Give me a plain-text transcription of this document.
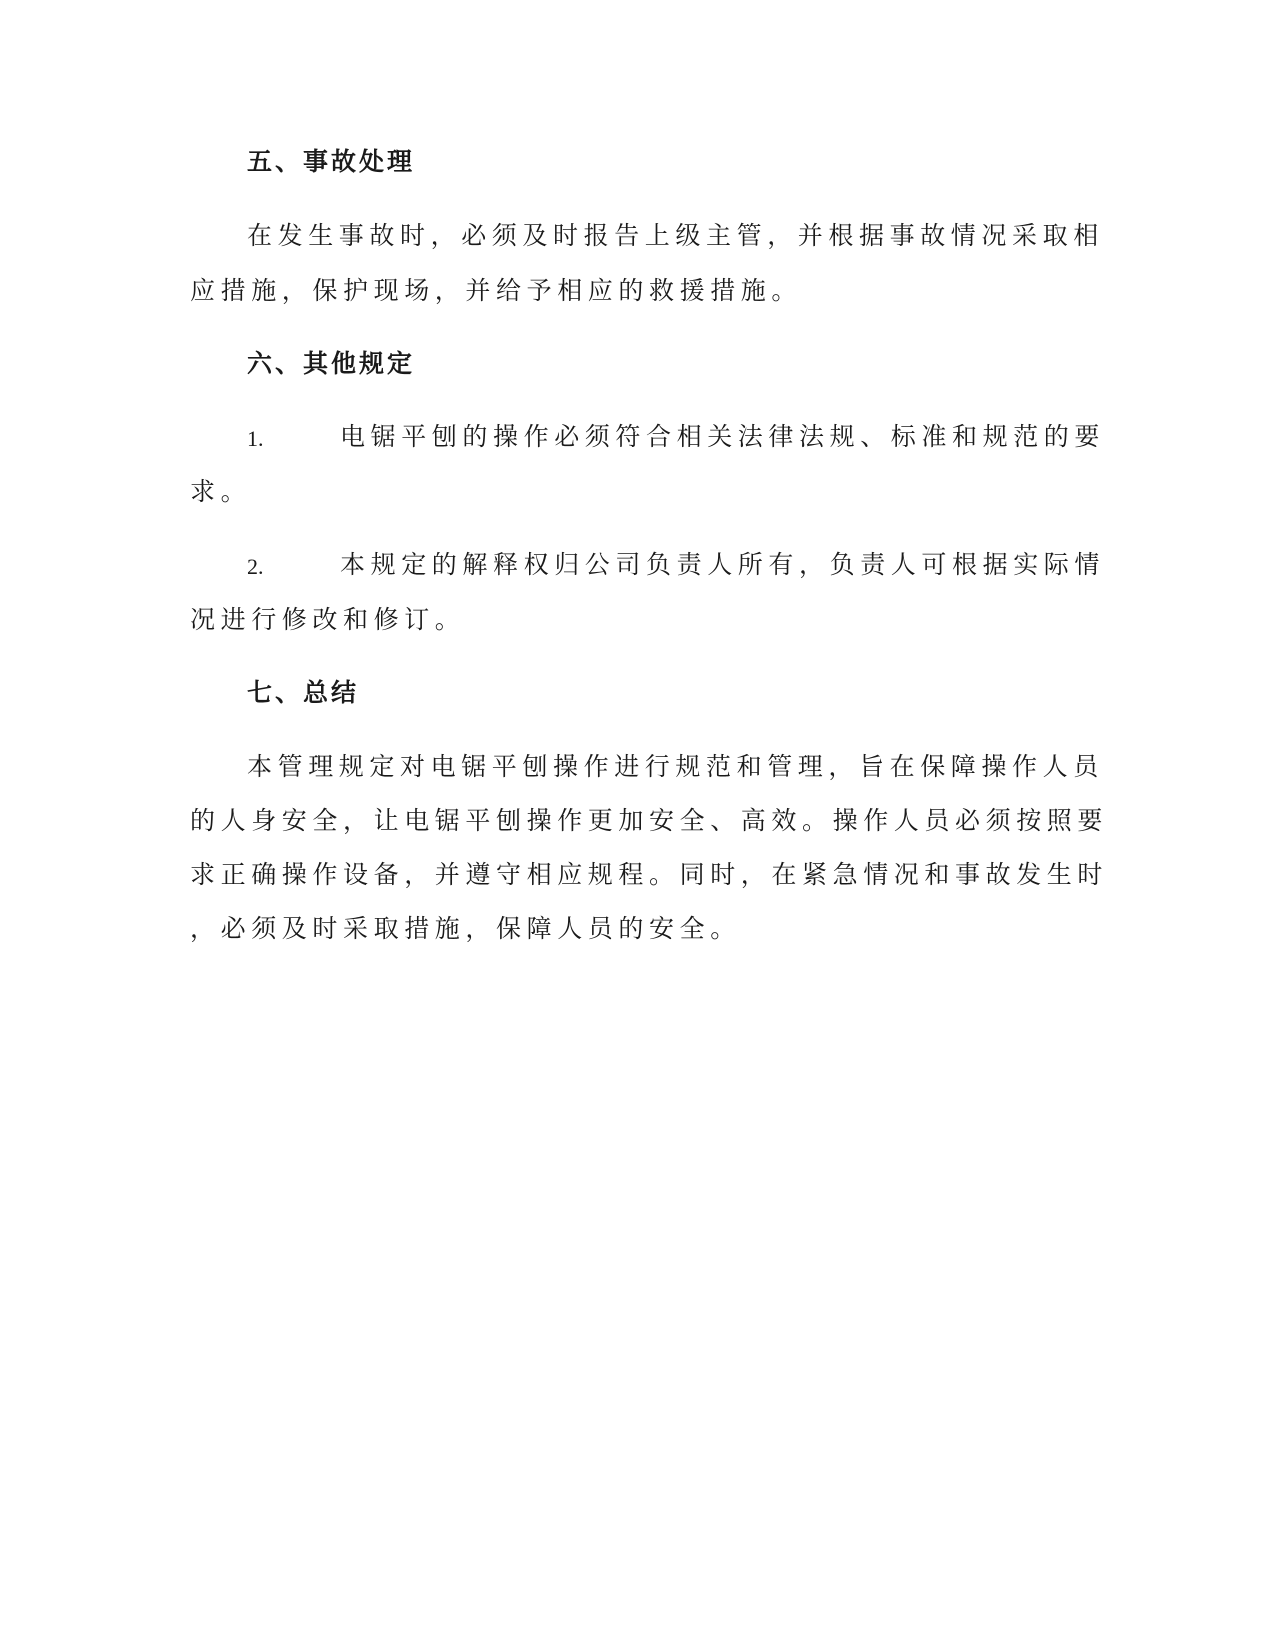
五、事故处理
在发生事故时，必须及时报告上级主管，并根据事故情况采取相
应措施，保护现场，并给予相应的救援措施。
六、其他规定
1.	电锯平刨的操作必须符合相关法律法规、标准和规范的要
求。
2.	本规定的解释权归公司负责人所有，负责人可根据实际情
况进行修改和修订。
七、总结
本管理规定对电锯平刨操作进行规范和管理，旨在保障操作人员
的人身安全，让电锯平刨操作更加安全、高效。操作人员必须按照要
求正确操作设备，并遵守相应规程。同时，在紧急情况和事故发生时
，必须及时采取措施，保障人员的安全。
